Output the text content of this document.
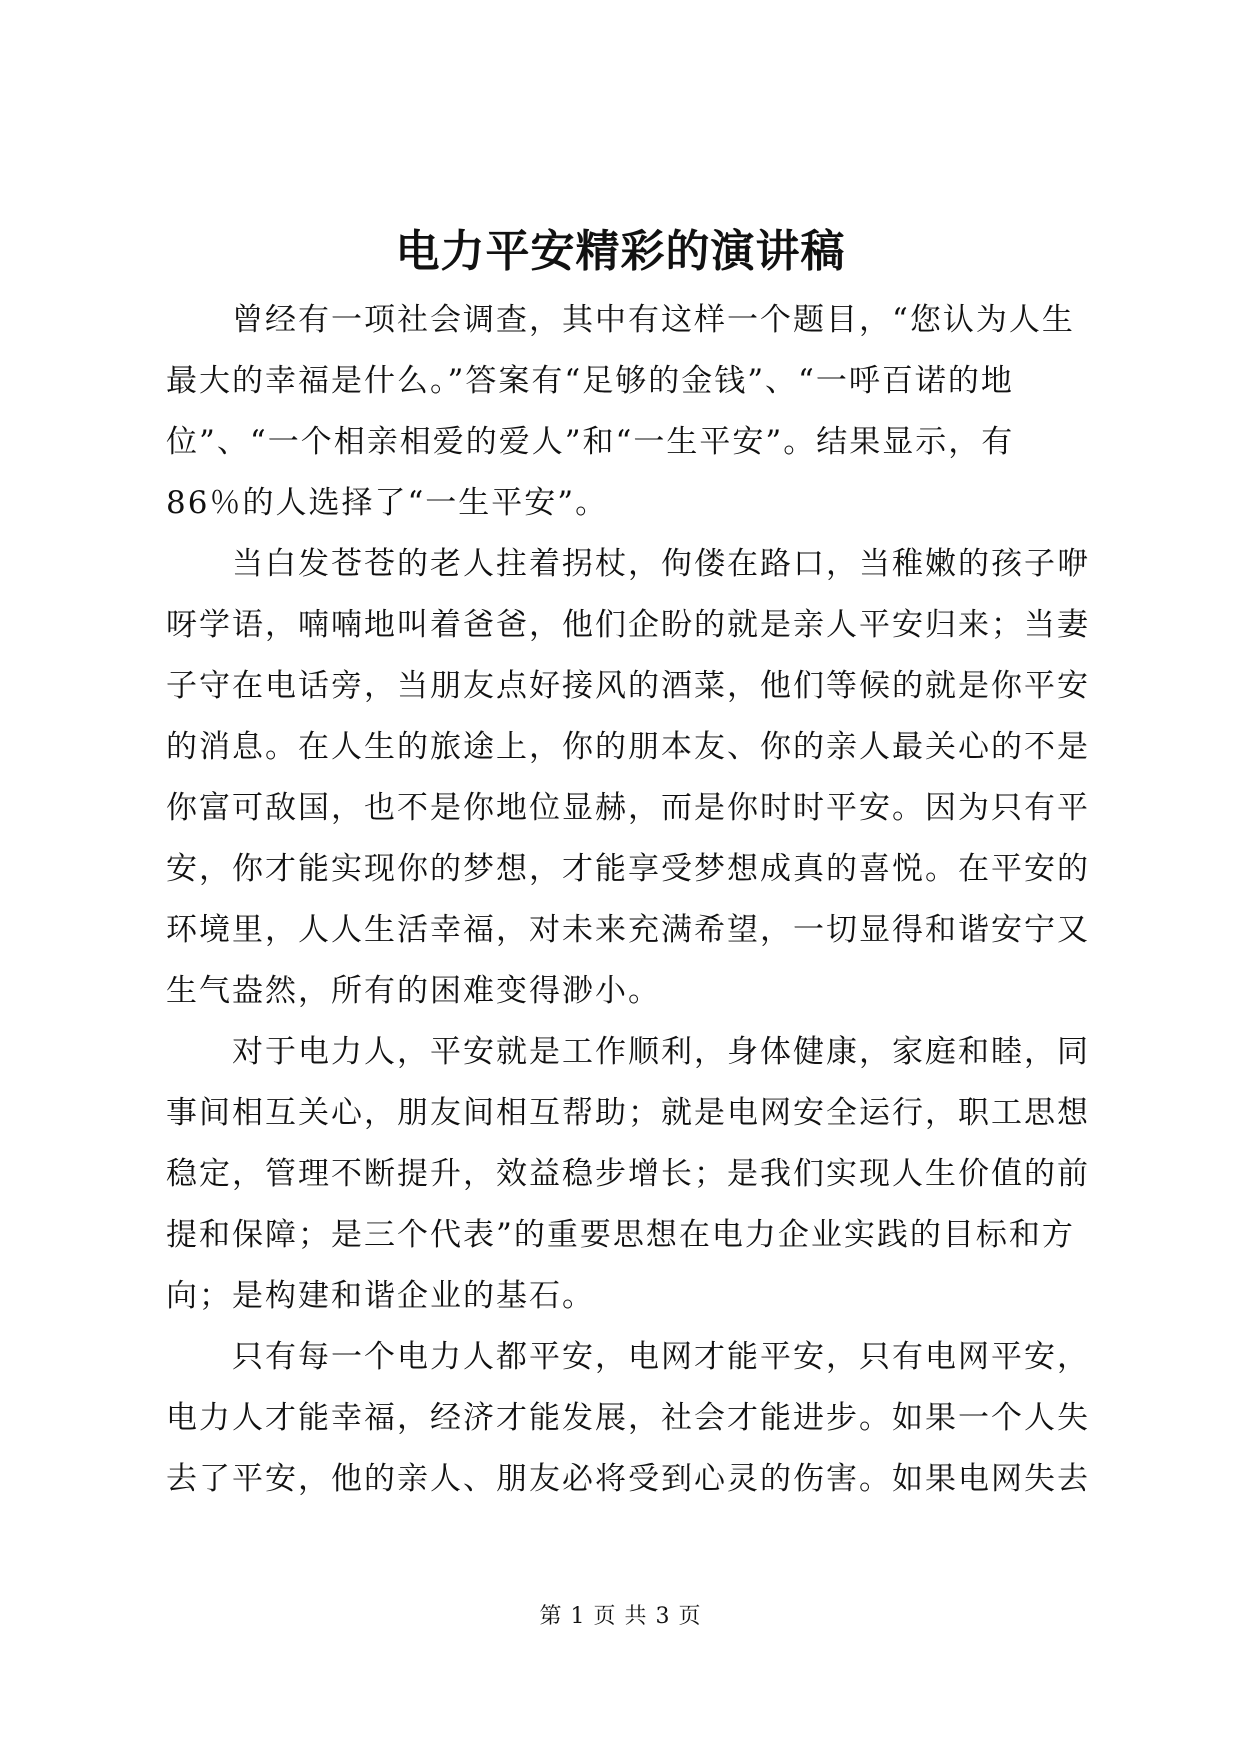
电力平安精彩的演讲稿
曾经有一项社会调查，其中有这样一个题目，“您认为人生
最大的幸福是什么。”答案有“足够的金钱”、“一呼百诺的地
位”、“一个相亲相爱的爱人”和“一生平安”。结果显示，有
86％的人选择了“一生平安”。
当白发苍苍的老人拄着拐杖，佝偻在路口，当稚嫩的孩子咿
呀学语，喃喃地叫着爸爸，他们企盼的就是亲人平安归来；当妻
子守在电话旁，当朋友点好接风的酒菜，他们等候的就是你平安
的消息。在人生的旅途上，你的朋本友、你的亲人最关心的不是
你富可敌国，也不是你地位显赫，而是你时时平安。因为只有平
安，你才能实现你的梦想，才能享受梦想成真的喜悦。在平安的
环境里，人人生活幸福，对未来充满希望，一切显得和谐安宁又
生气盎然，所有的困难变得渺小。
对于电力人，平安就是工作顺利，身体健康，家庭和睦，同
事间相互关心，朋友间相互帮助；就是电网安全运行，职工思想
稳定，管理不断提升，效益稳步增长；是我们实现人生价值的前
提和保障；是三个代表”的重要思想在电力企业实践的目标和方
向；是构建和谐企业的基石。
只有每一个电力人都平安，电网才能平安，只有电网平安，
电力人才能幸福，经济才能发展，社会才能进步。如果一个人失
去了平安，他的亲人、朋友必将受到心灵的伤害。如果电网失去
第 1 页 共 3 页
